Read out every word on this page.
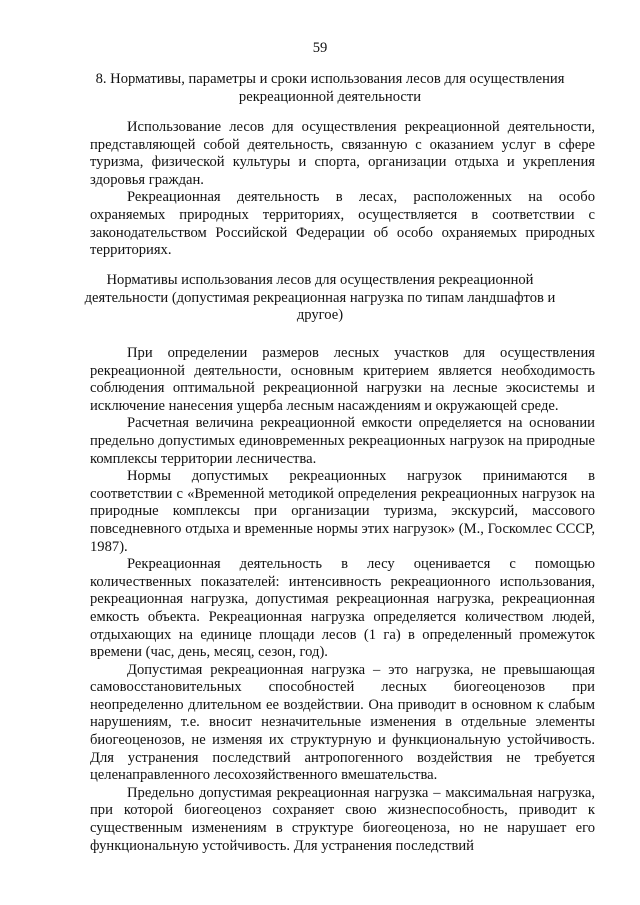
59
8. Нормативы, параметры и сроки использования лесов для осуществления рекреационной деятельности

Использование лесов для осуществления рекреационной деятельности, представляющей собой деятельность, связанную с оказанием услуг в сфере туризма, физической культуры и спорта, организации отдыха и укрепления здоровья граждан.

Рекреационная деятельность в лесах, расположенных на особо охраняемых природных территориях, осуществляется в соответствии с законодательством Российской Федерации об особо охраняемых природных территориях.

Нормативы использования лесов для осуществления рекреационной деятельности (допустимая рекреационная нагрузка по типам ландшафтов и другое)

При определении размеров лесных участков для осуществления рекреационной деятельности, основным критерием является необходимость соблюдения оптимальной рекреационной нагрузки на лесные экосистемы и исключение нанесения ущерба лесным насаждениям и окружающей среде.

Расчетная величина рекреационной емкости определяется на основании предельно допустимых единовременных рекреационных нагрузок на природные комплексы территории лесничества.

Нормы допустимых рекреационных нагрузок принимаются в соответствии с «Временной методикой определения рекреационных нагрузок на природные комплексы при организации туризма, экскурсий, массового повседневного отдыха и временные нормы этих нагрузок» (М., Госкомлес СССР, 1987).

Рекреационная деятельность в лесу оценивается с помощью количественных показателей: интенсивность рекреационного использования, рекреационная нагрузка, допустимая рекреационная нагрузка, рекреационная емкость объекта. Рекреационная нагрузка определяется количеством людей, отдыхающих на единице площади лесов (1 га) в определенный промежуток времени (час, день, месяц, сезон, год).

Допустимая рекреационная нагрузка – это нагрузка, не превышающая самовосстановительных способностей лесных биогеоценозов при неопределенно длительном ее воздействии. Она приводит в основном к слабым нарушениям, т.е. вносит незначительные изменения в отдельные элементы биогеоценозов, не изменяя их структурную и функциональную устойчивость. Для устранения последствий антропогенного воздействия не требуется целенаправленного лесохозяйственного вмешательства.

Предельно допустимая рекреационная нагрузка – максимальная нагрузка, при которой биогеоценоз сохраняет свою жизнеспособность, приводит к существенным изменениям в структуре биогеоценоза, но не нарушает его функциональную устойчивость. Для устранения последствий
